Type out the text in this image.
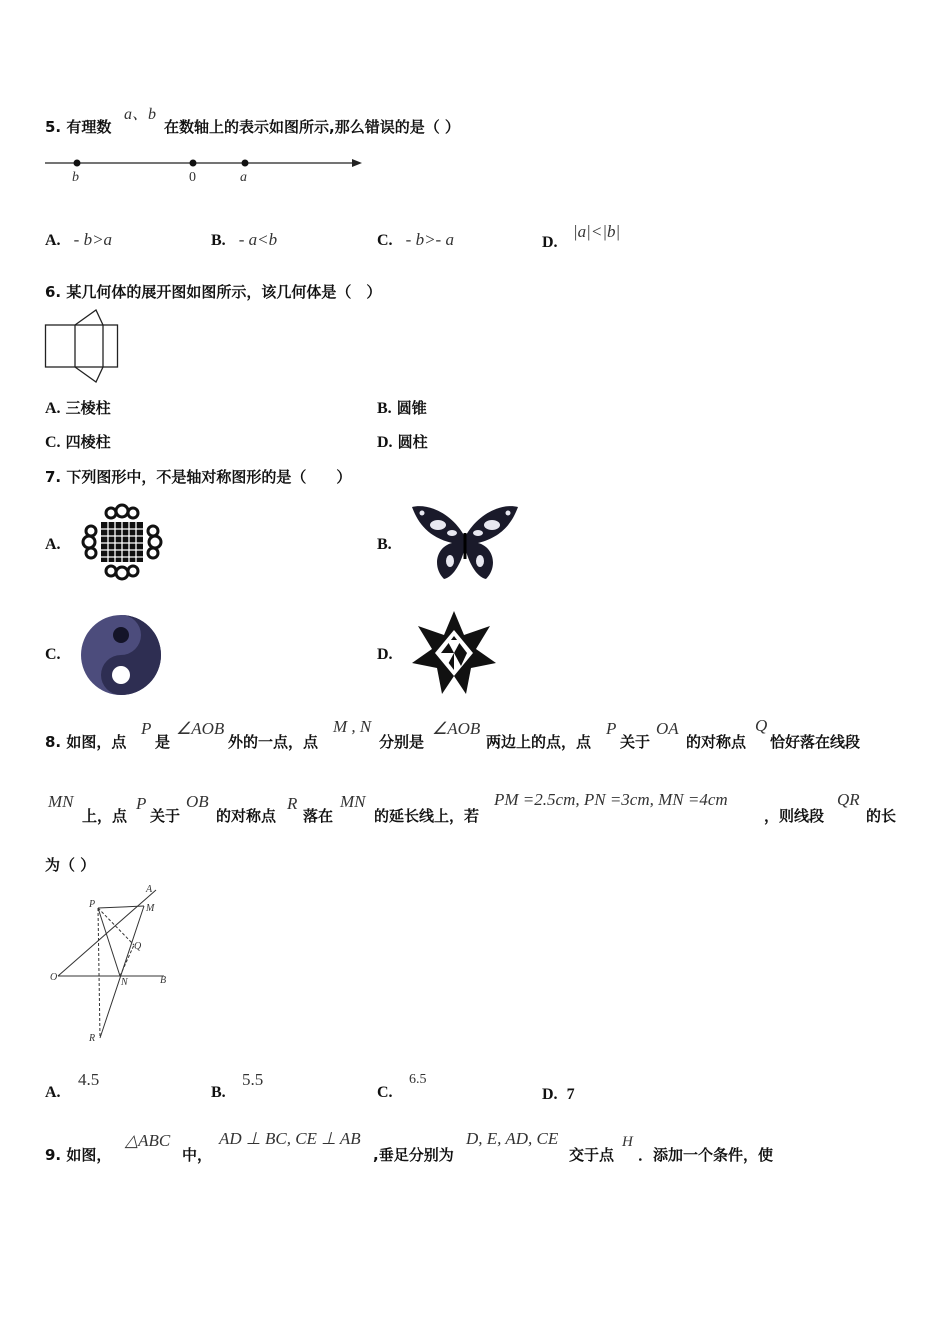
5. 有理数
a、b
在数轴上的表示如图所示,那么错误的是（ ）
b	0	a
A. - b>a	B. - a<b	C. - b>- a	D.
|a|<|b|
6. 某几何体的展开图如图所示，该几何体是（　）
A. 三棱柱	B. 圆锥
C. 四棱柱	D. 圆柱
7. 下列图形中，不是轴对称图形的是（　　）
A.	B.
C.	D.
8. 如图，点
P
是
∠AOB
外的一点，点
M , N
分别是
∠AOB
两边上的点，点
P
关于
OA
的对称点
Q
恰好落在线段
MN
上，点
P
关于
OB
的对称点
R
落在
MN
的延长线上，若
PM =2.5cm, PN =3cm, MN =4cm
，则线段
QR
的长
为（ ）
P
A
M
Q
O	N	B
R
A.
4.5
B.
5.5
C.
6.5
D. 7
9. 如图，
△ABC
中，
AD ⊥ BC, CE ⊥ AB
,垂足分别为
D, E, AD, CE
交于点
H
．添加一个条件，使
